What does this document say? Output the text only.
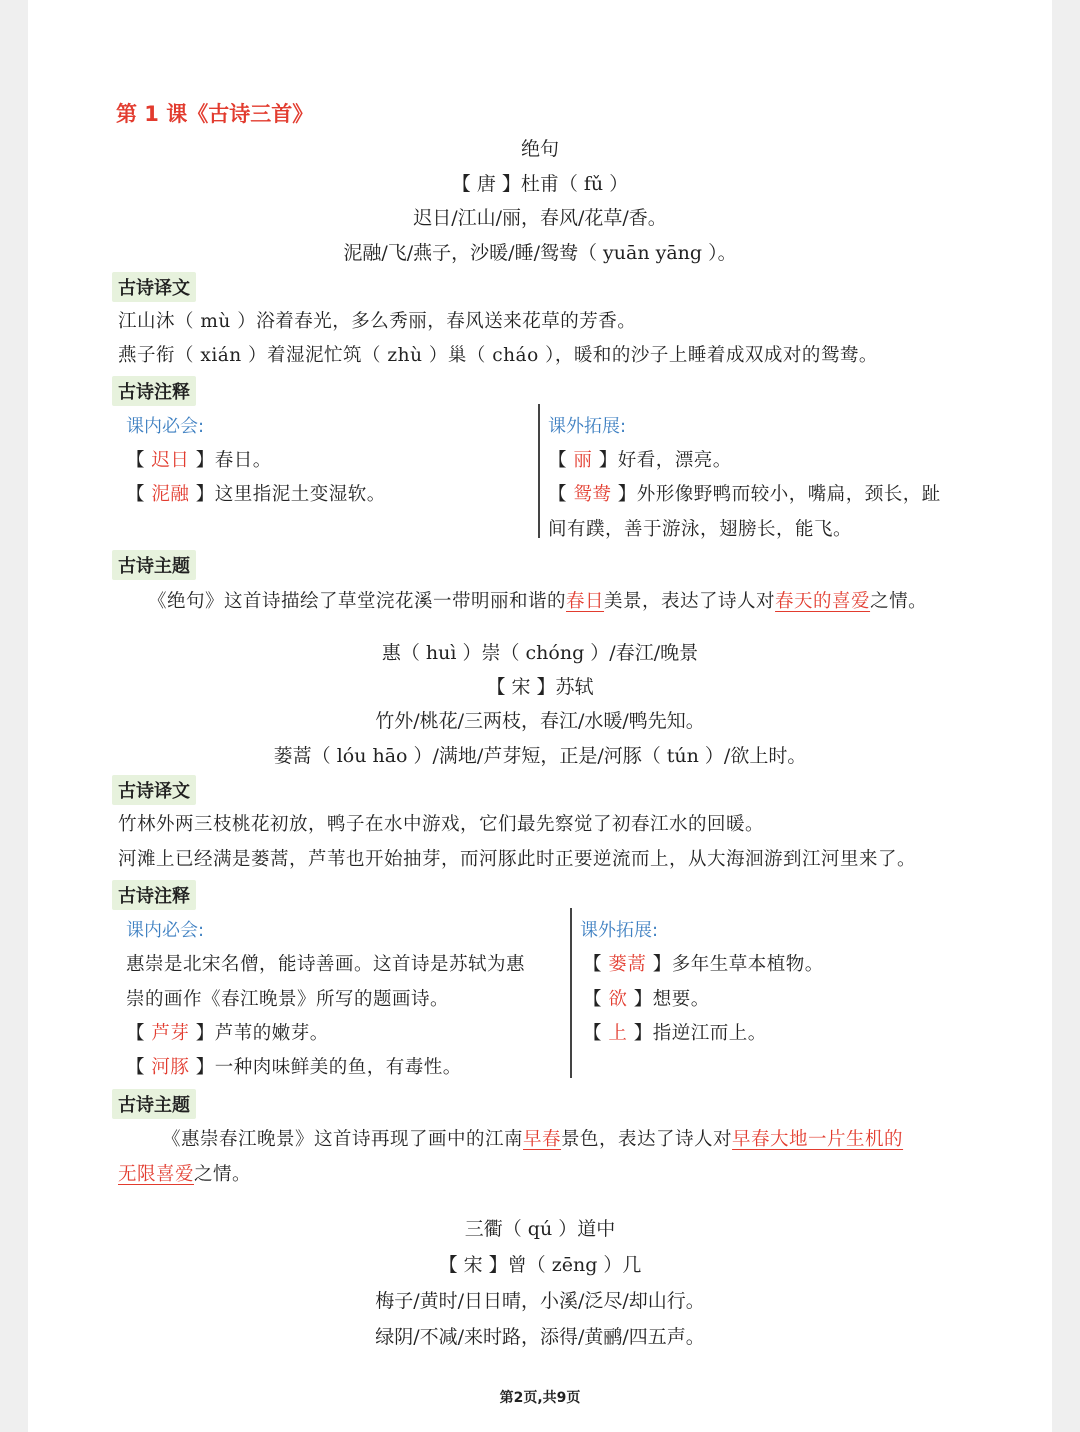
第 1 课《古诗三首》
绝句
【 唐 】杜甫（ fǔ ）
迟日/江山/丽，春风/花草/香。
泥融/飞/燕子，沙暖/睡/鸳鸯（ yuān yāng ）。
古诗译文
江山沐（ mù ）浴着春光，多么秀丽，春风送来花草的芳香。
燕子衔（ xián ）着湿泥忙筑（ zhù ）巢（ cháo ），暖和的沙子上睡着成双成对的鸳鸯。
古诗注释
课内必会:
【 迟日 】春日。
【 泥融 】这里指泥土变湿软。
课外拓展:
【 丽 】好看，漂亮。
【 鸳鸯 】外形像野鸭而较小，嘴扁，颈长，趾
间有蹼，善于游泳，翅膀长，能飞。
古诗主题
《绝句》这首诗描绘了草堂浣花溪一带明丽和谐的春日美景，表达了诗人对春天的喜爱之情。
惠（ huì ）崇（ chóng ）/春江/晚景
【 宋 】苏轼
竹外/桃花/三两枝，春江/水暖/鸭先知。
蒌蒿（ lóu hāo ）/满地/芦芽短，正是/河豚（ tún ）/欲上时。
古诗译文
竹林外两三枝桃花初放，鸭子在水中游戏，它们最先察觉了初春江水的回暖。
河滩上已经满是蒌蒿，芦苇也开始抽芽，而河豚此时正要逆流而上，从大海洄游到江河里来了。
古诗注释
课内必会:
惠崇是北宋名僧，能诗善画。这首诗是苏轼为惠
崇的画作《春江晚景》所写的题画诗。
【 芦芽 】芦苇的嫩芽。
【 河豚 】一种肉味鲜美的鱼，有毒性。
课外拓展:
【 蒌蒿 】多年生草本植物。
【 欲 】想要。
【 上 】指逆江而上。
古诗主题
《惠崇春江晚景》这首诗再现了画中的江南早春景色，表达了诗人对早春大地一片生机的
无限喜爱之情。
三衢（ qú ）道中
【 宋 】曾（ zēng ）几
梅子/黄时/日日晴，小溪/泛尽/却山行。
绿阴/不减/来时路，添得/黄鹂/四五声。
第2页,共9页
